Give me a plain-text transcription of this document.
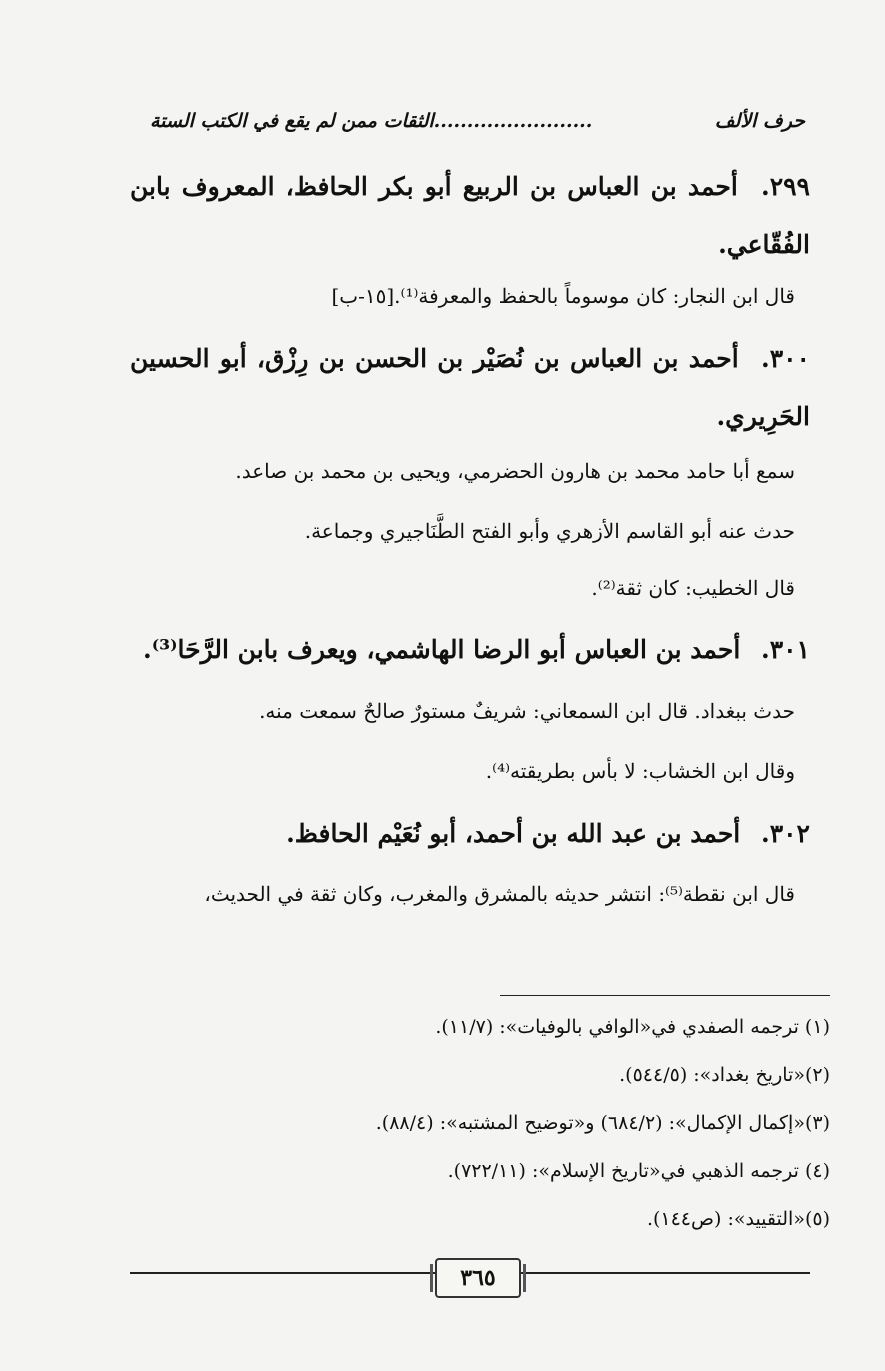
حرف الألف
........................الثقات ممن لم يقع في الكتب الستة
٢٩٩. أحمد بن العباس بن الربيع أبو بكر الحافظ، المعروف بابن الفُقّاعي.
قال ابن النجار: كان موسوماً بالحفظ والمعرفة⁽¹⁾.[١٥-ب]
٣٠٠. أحمد بن العباس بن نُصَيْر بن الحسن بن رِزْق، أبو الحسين الحَرِيري.
سمع أبا حامد محمد بن هارون الحضرمي، ويحيى بن محمد بن صاعد.
حدث عنه أبو القاسم الأزهري وأبو الفتح الطَّنَاجيري وجماعة.
قال الخطيب: كان ثقة⁽²⁾.
٣٠١. أحمد بن العباس أبو الرضا الهاشمي، ويعرف بابن الرَّحَا⁽³⁾.
حدث ببغداد. قال ابن السمعاني: شريفٌ مستورٌ صالحٌ سمعت منه.
وقال ابن الخشاب: لا بأس بطريقته⁽⁴⁾.
٣٠٢. أحمد بن عبد الله بن أحمد، أبو نُعَيْم الحافظ.
قال ابن نقطة⁽⁵⁾: انتشر حديثه بالمشرق والمغرب، وكان ثقة في الحديث،
(١) ترجمه الصفدي في«الوافي بالوفيات»: (١١/٧).
(٢)«تاريخ بغداد»: (٥٤٤/٥).
(٣)«إكمال الإكمال»: (٦٨٤/٢) و«توضيح المشتبه»: (٨٨/٤).
(٤) ترجمه الذهبي في«تاريخ الإسلام»: (٧٢٢/١١).
(٥)«التقييد»: (ص١٤٤).
٣٦٥
